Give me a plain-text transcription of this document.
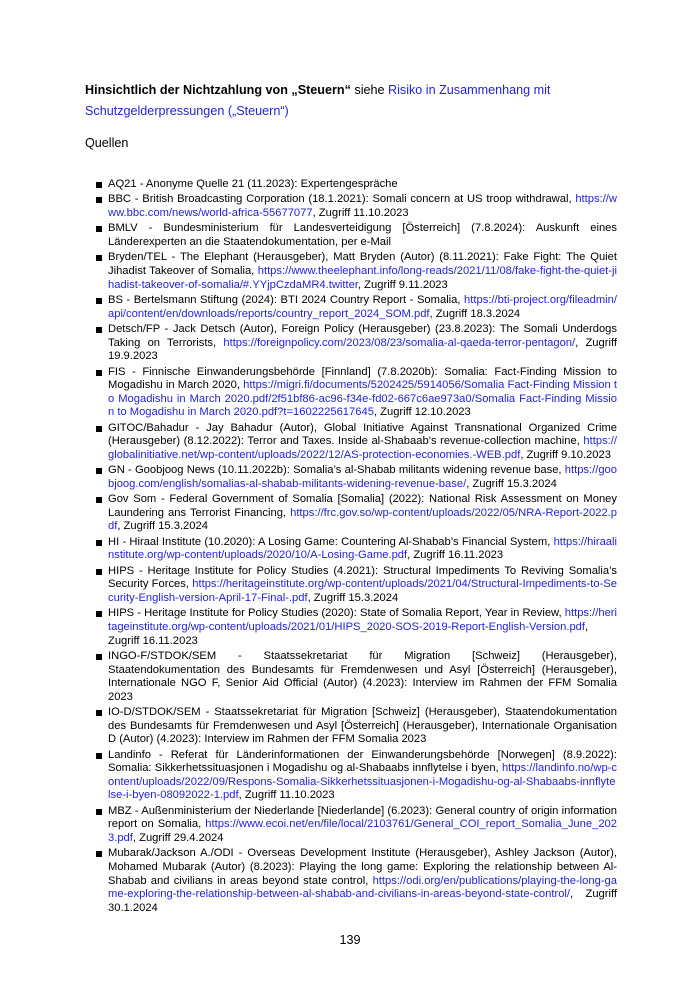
Hinsichtlich der Nichtzahlung von „Steuern“ siehe Risiko in Zusammenhang mit Schutzgelderpressungen („Steuern“)
Quellen
AQ21 - Anonyme Quelle 21 (11.2023): Expertengespräche
BBC - British Broadcasting Corporation (18.1.2021): Somali concern at US troop withdrawal, https://www.bbc.com/news/world-africa-55677077, Zugriff 11.10.2023
BMLV - Bundesministerium für Landesverteidigung [Österreich] (7.8.2024): Auskunft eines Länderexperten an die Staatendokumentation, per e-Mail
Bryden/TEL - The Elephant (Herausgeber), Matt Bryden (Autor) (8.11.2021): Fake Fight: The Quiet Jihadist Takeover of Somalia, https://www.theelephant.info/long-reads/2021/11/08/fake-fight-the-quiet-jihadist-takeover-of-somalia/#.YYjpCzdaMR4.twitter, Zugriff 9.11.2023
BS - Bertelsmann Stiftung (2024): BTI 2024 Country Report - Somalia, https://bti-project.org/fileadmin/api/content/en/downloads/reports/country_report_2024_SOM.pdf, Zugriff 18.3.2024
Detsch/FP - Jack Detsch (Autor), Foreign Policy (Herausgeber) (23.8.2023): The Somali Underdogs Taking on Terrorists, https://foreignpolicy.com/2023/08/23/somalia-al-qaeda-terror-pentagon/, Zugriff 19.9.2023
FIS - Finnische Einwanderungsbehörde [Finnland] (7.8.2020b): Somalia: Fact-Finding Mission to Mogadishu in March 2020, https://migri.fi/documents/5202425/5914056/Somalia Fact-Finding Mission to Mogadishu in March 2020.pdf/2f51bf86-ac96-f34e-fd02-667c6ae973a0/Somalia Fact-Finding Mission to Mogadishu in March 2020.pdf?t=1602225617645, Zugriff 12.10.2023
GITOC/Bahadur - Jay Bahadur (Autor), Global Initiative Against Transnational Organized Crime (Herausgeber) (8.12.2022): Terror and Taxes. Inside al-Shabaab’s revenue-collection machine, https://globalinitiative.net/wp-content/uploads/2022/12/AS-protection-economies.-WEB.pdf, Zugriff 9.10.2023
GN - Goobjoog News (10.11.2022b): Somalia’s al-Shabab militants widening revenue base, https://goobjoog.com/english/somalias-al-shabab-militants-widening-revenue-base/, Zugriff 15.3.2024
Gov Som - Federal Government of Somalia [Somalia] (2022): National Risk Assessment on Money Laundering ans Terrorist Financing, https://frc.gov.so/wp-content/uploads/2022/05/NRA-Report-2022.pdf, Zugriff 15.3.2024
HI - Hiraal Institute (10.2020): A Losing Game: Countering Al-Shabab’s Financial System, https://hiraalinstitute.org/wp-content/uploads/2020/10/A-Losing-Game.pdf, Zugriff 16.11.2023
HIPS - Heritage Institute for Policy Studies (4.2021): Structural Impediments To Reviving Somalia’s Security Forces, https://heritageinstitute.org/wp-content/uploads/2021/04/Structural-Impediments-to-Security-English-version-April-17-Final-.pdf, Zugriff 15.3.2024
HIPS - Heritage Institute for Policy Studies (2020): State of Somalia Report, Year in Review, https://heritageinstitute.org/wp-content/uploads/2021/01/HIPS_2020-SOS-2019-Report-English-Version.pdf, Zugriff 16.11.2023
INGO-F/STDOK/SEM - Staatssekretariat für Migration [Schweiz] (Herausgeber), Staatendokumentation des Bundesamts für Fremdenwesen und Asyl [Österreich] (Herausgeber), Internationale NGO F, Senior Aid Official (Autor) (4.2023): Interview im Rahmen der FFM Somalia 2023
IO-D/STDOK/SEM - Staatssekretariat für Migration [Schweiz] (Herausgeber), Staatendokumentation des Bundesamts für Fremdenwesen und Asyl [Österreich] (Herausgeber), Internationale Organisation D (Autor) (4.2023): Interview im Rahmen der FFM Somalia 2023
Landinfo - Referat für Länderinformationen der Einwanderungsbehörde [Norwegen] (8.9.2022): Somalia: Sikkerhetssituasjonen i Mogadishu og al-Shabaabs innflytelse i byen, https://landinfo.no/wp-content/uploads/2022/09/Respons-Somalia-Sikkerhetssituasjonen-i-Mogadishu-og-al-Shabaabs-innflytelse-i-byen-08092022-1.pdf, Zugriff 11.10.2023
MBZ - Außenministerium der Niederlande [Niederlande] (6.2023): General country of origin information report on Somalia, https://www.ecoi.net/en/file/local/2103761/General_COI_report_Somalia_June_2023.pdf, Zugriff 29.4.2024
Mubarak/Jackson A./ODI - Overseas Development Institute (Herausgeber), Ashley Jackson (Autor), Mohamed Mubarak (Autor) (8.2023): Playing the long game: Exploring the relationship between Al-Shabab and civilians in areas beyond state control, https://odi.org/en/publications/playing-the-long-game-exploring-the-relationship-between-al-shabab-and-civilians-in-areas-beyond-state-control/, Zugriff 30.1.2024
139
